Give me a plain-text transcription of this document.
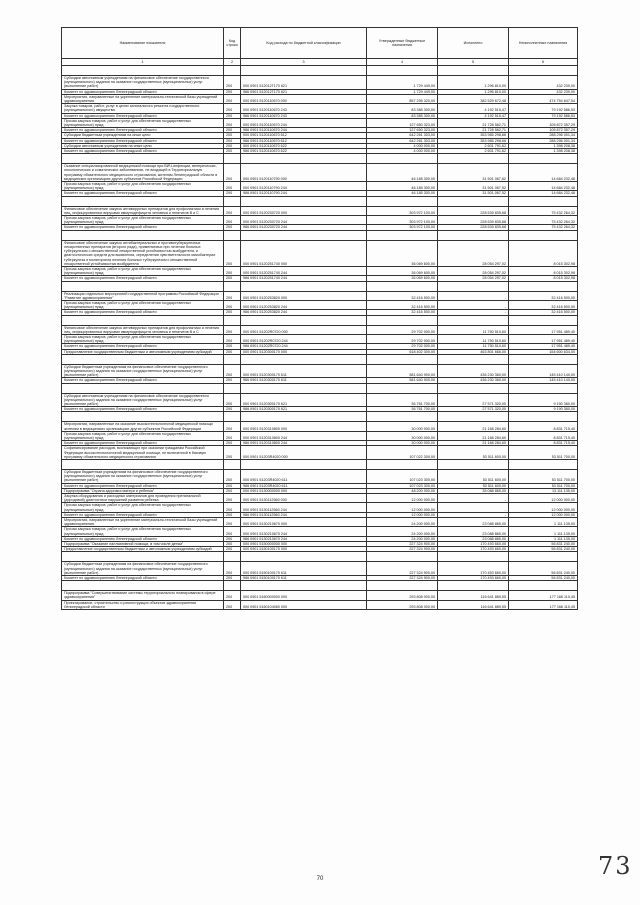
Наименование показателя	Код строки	Код расхода по бюджетной классификации	Утвержденные бюджетные назначения	Исполнено	Неисполненные назначения
1	2	3	4	5	6

Субсидии автономным учреждениям на финансовое обеспечение государственного (муниципального) задания на оказание государственных (муниципальных) услуг (выполнение работ)	200	000 0901 512012Г170 621	1 729 449,00	1 296 810,00	432 239,00
Комитет по здравоохранению Ленинградской области	200	986 0901 512012Г170 621	1 729 449,00	1 296 810,00	432 239,00
Мероприятия, направленные на укрепление материально-технической базы учреждений здравоохранения	200	000 0901 5120110670 000	857 295 320,00	382 529 672,48	474 754 647,54
Закупка товаров, работ, услуг в целях капитального ремонта государственного (муниципального) имущества	200	000 0901 5120110670 243	83 385 300,00	4 192 515,47	79 192 586,53
Комитет по здравоохранению Ленинградской области	200	986 0901 5120110670 243	83 385 300,00	4 192 515,47	79 192 586,53
Прочая закупка товаров, работ и услуг для обеспечения государственных (муниципальных) нужд	200	000 0901 5120110670 244	127 650 323,00	21 728 562,71	105 872 357,29
Комитет по здравоохранению Ленинградской области	200	986 0901 5120110670 244	127 650 323,00	21 728 562,71	105 872 357,29
Субсидии бюджетным учреждениям на иные цели	200	000 0901 5120110670 612	642 261 303,00	353 985 298,66	288 296 001,34
Комитет по здравоохранению Ленинградской области	200	986 0901 5120110670 612	642 261 303,00	353 985 298,66	288 296 001,34
Субсидии автономным учреждениям на иные цели	200	000 0901 5120110670 622	4 000 000,00	2 601 791,62	1 398 208,38
Комитет по здравоохранению Ленинградской области	200	986 0901 5120110670 622	4 000 000,00	2 601 791,62	1 398 208,38

Оказание специализированной медицинской помощи при ВИЧ-инфекции, венерических, онкологических и соматических заболеваниях, не входящей в Территориальную программу обязательного медицинского страхования, жителям Ленинградской области в медицинских организациях других субъектов Российской Федерации	200	000 0901 5120110790 000	46 185 300,00	31 501 067,62	14 684 232,48
Прочая закупка товаров, работ и услуг для обеспечения государственных (муниципальных) нужд	200	000 0901 5120110790 244	46 185 300,00	31 501 067,52	14 684 232,48
Комитет по здравоохранению Ленинградской области	200	986 0901 5120110790 244	46 185 300,00	31 501 067,52	14 684 232,48

Финансовое обеспечение закупок антивирусных препаратов для профилактики и лечения лиц, инфицированных вирусами иммунодефицита человека и гепатитов B и C	200	000 0901 5120230720 000	303 972 100,00	228 539 835,68	75 432 264,32
Прочая закупка товаров, работ и услуг для обеспечения государственных (муниципальных) нужд	200	000 0901 5120230720 244	303 972 100,00	228 539 835,68	75 432 264,32
Комитет по здравоохранению Ленинградской области	200	986 0901 5120230720 244	303 972 100,00	228 539 835,68	75 432 264,32

Финансовое обеспечение закупок антибактериальных и противотуберкулезных лекарственных препаратов (второго ряда), применяемых при лечении больных туберкулезом с множественной лекарственной устойчивостью возбудителя, и диагностических средств для выявления, определения чувствительности микобактерии туберкулеза и мониторинга лечения больных туберкулезом с множественной лекарственной устойчивостью возбудителя	200	000 0901 5120251740 000	36 069 600,00	28 054 297,02	8 015 302,98
Прочая закупка товаров, работ и услуг для обеспечения государственных (муниципальных) нужд	200	000 0901 5120251740 244	36 069 600,00	28 054 297,02	8 015 302,98
Комитет по здравоохранению Ленинградской области	200	986 0901 5120251740 244	36 069 600,00	28 054 297,02	8 015 302,98

Реализация отдельных мероприятий государственной программы Российской Федерации "Развитие здравоохранения"	200	000 0901 5120253820 000	32 416 500,00	-	32 416 500,00
Прочая закупка товаров, работ и услуг для обеспечения государственных (муниципальных) нужд	200	000 0901 5120253820 244	32 416 500,00	-	32 416 500,00
Комитет по здравоохранению Ленинградской области	200	986 0901 5120253820 244	32 416 500,00	-	32 416 500,00

Финансовое обеспечение закупок антивирусных препаратов для профилактики и лечения лиц, инфицированных вирусами иммунодефицита человека и гепатитов B и C	200	000 0901 51202R0720 000	29 702 000,00	11 750 510,60	17 951 489,40
Прочая закупка товаров, работ и услуг для обеспечения государственных (муниципальных) нужд	200	000 0901 51202R0720 244	29 702 000,00	11 750 510,60	17 951 489,40
Комитет по здравоохранению Ленинградской области	200	986 0901 51202R0720 244	29 702 000,00	11 750 510,60	17 951 489,40
Предоставление государственным бюджетным и автономным учреждениям субсидий	200	000 0901 5120300170 000	618 402 300,00	463 801 666,00	154 600 634,00

Субсидии бюджетным учреждениям на финансовое обеспечение государственного (муниципального) задания на оказание государственных (муниципальных) услуг (выполнение работ)	200	000 0901 5120300170 611	581 640 900,00	436 230 360,00	145 410 140,00
Комитет по здравоохранению Ленинградской области	200	986 0901 5120300170 611	581 640 900,00	436 230 360,00	145 410 140,00

Субсидии автономным учреждениям на финансовое обеспечение государственного (муниципального) задания на оказание государственных (муниципальных) услуг (выполнение работ)	200	000 0901 5120300170 621	36 761 700,00	27 571 320,00	9 190 380,00
Комитет по здравоохранению Ленинградской области	200	986 0901 5120300170 621	36 761 700,00	27 571 320,00	9 190 380,00

Мероприятия, направленные на оказание высокотехнологичной медицинской помощи жителям в медицинских организациях других субъектов Российской Федерации	200	000 0901 5120310800 000	30 000 000,00	21 168 284,60	8 831 715,40
Прочая закупка товаров, работ и услуг для обеспечения государственных (муниципальных) нужд	200	000 0901 5120310800 244	30 000 000,00	21 168 284,60	8 831 715,40
Комитет по здравоохранению Ленинградской области	200	986 0901 5120310800 244	30 000 000,00	21 168 284,60	8 831 715,40
Софинансирование расходов, возникающих при оказании гражданам Российской Федерации высокотехнологичной медицинской помощи, не включенной в базовую программу обязательного медицинского страхования	200	000 0901 51203R4020 000	107 022 300,00	53 511 600,00	53 511 700,00

Субсидии бюджетным учреждениям на финансовое обеспечение государственного (муниципального) задания на оказание государственных (муниципальных) услуг (выполнение работ)	200	000 0901 51203R4020 611	107 023 300,00	53 511 600,00	53 511 700,00
Комитет по здравоохранению Ленинградской области	200	986 0901 51203R4020 611	107 023 300,00	53 511 600,00	53 511 700,00
Подпрограмма "Охрана здоровья матери и ребенка"	200	000 0901 5130000000 000	48 200 000,00	35 088 865,00	13 111 135,00
Закупка оборудования и расходных материалов для проведения пренатальной (дородовой) диагностики нарушений развития ребенка	200	000 0901 5130112560 000	12 000 000,00	-	12 000 000,00
Прочая закупка товаров, работ и услуг для обеспечения государственных (муниципальных) нужд	200	000 0901 5130112560 244	12 000 000,00	-	12 000 000,00
Комитет по здравоохранению Ленинградской области	200	986 0901 5130112560 244	12 000 000,00	-	12 000 000,00
Мероприятия, направленные на укрепление материально-технической базы учреждений здравоохранения	200	000 0901 5130210670 000	24 200 000,00	23 088 865,00	1 111 135,00
Прочая закупка товаров, работ и услуг для обеспечения государственных (муниципальных) нужд	200	000 0901 5130210670 244	24 200 000,00	23 088 865,00	1 111 135,00
Комитет по здравоохранению Ленинградской области	200	986 0901 5130210670 244	24 200 000,00	23 088 865,00	1 111 135,00
Подпрограмма "Оказание паллиативной помощи, в том числе детям"	200	000 0901 5150000000 000	227 324 900,00	170 493 660,00	56 831 240,00
Предоставление государственным бюджетным и автономным учреждениям субсидий	200	000 0901 5150100170 000	227 324 900,00	170 493 660,00	56 831 240,00

Субсидии бюджетным учреждениям на финансовое обеспечение государственного (муниципального) задания на оказание государственных (муниципальных) услуг (выполнение работ)	200	000 0901 5150100170 611	227 324 900,00	170 493 660,00	56 831 240,00
Комитет по здравоохранению Ленинградской области	200	986 0901 5150100170 611	227 324 900,00	170 493 660,00	56 831 240,00

Подпрограмма "Совершенствование системы территориального планирования в сфере здравоохранения"	200	000 0901 5160000000 000	293 808 000,00	116 641 889,55	177 166 110,45
Проектирование, строительство и реконструкция объектов здравоохранения Ленинградской области	200	000 0901 5160104080 000	293 808 000,00	116 641 889,55	177 166 110,45
70	73
